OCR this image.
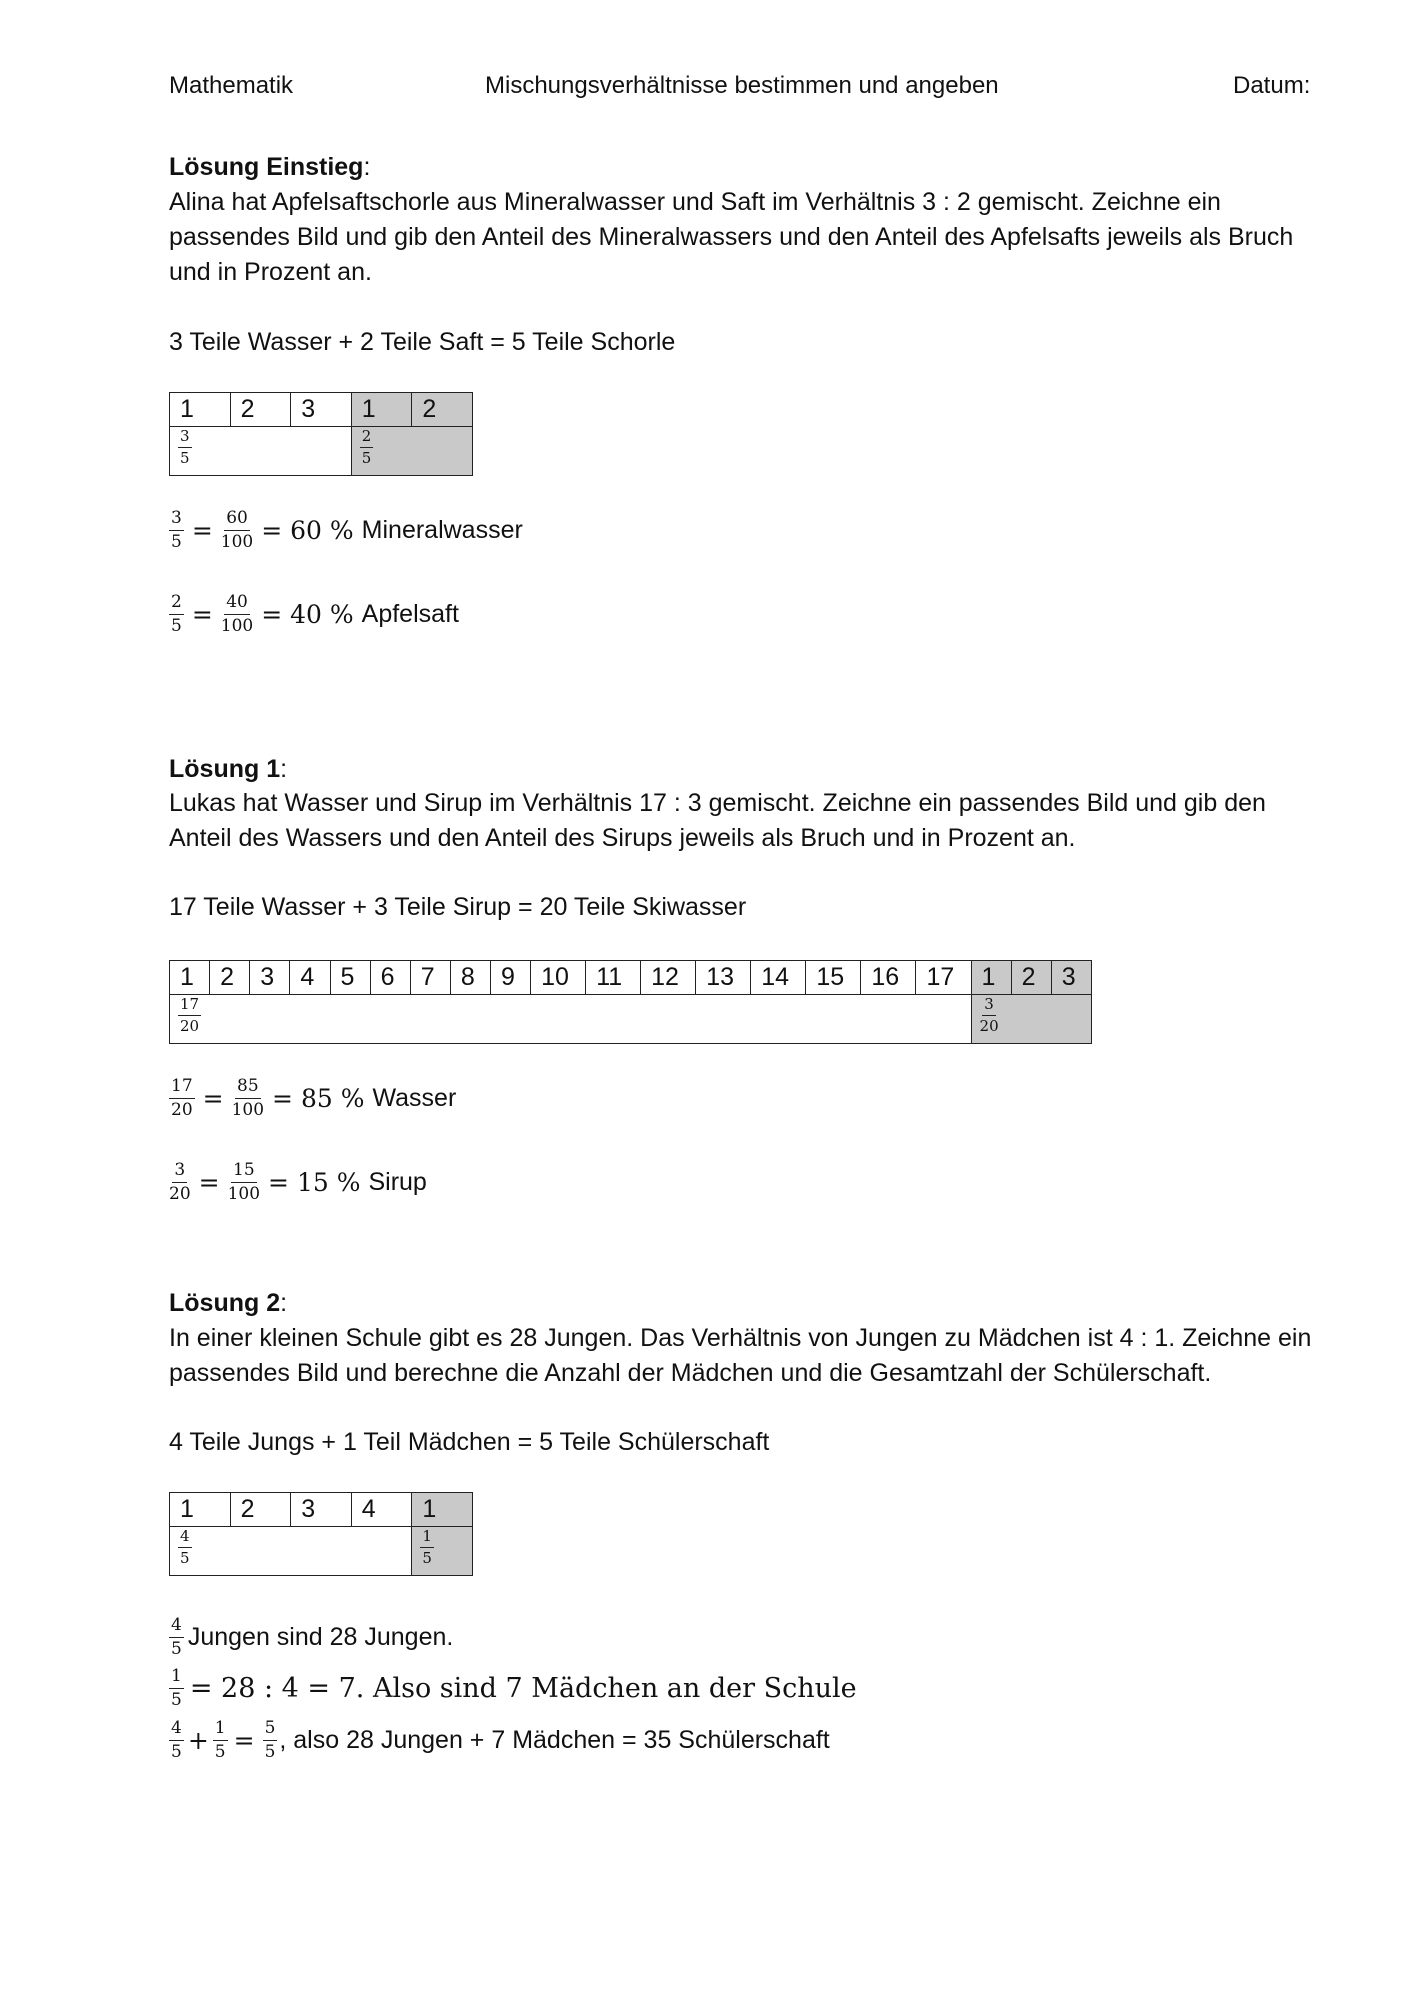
Mathematik	Mischungsverhältnisse bestimmen und angeben	Datum:
Lösung Einstieg:
Alina hat Apfelsaftschorle aus Mineralwasser und Saft im Verhältnis 3 : 2 gemischt. Zeichne ein passendes Bild und gib den Anteil des Mineralwassers und den Anteil des Apfelsafts jeweils als Bruch und in Prozent an.
3 Teile Wasser + 2 Teile Saft = 5 Teile Schorle
1	2	3	1	2

$\frac{3}{5}$			$\frac{2}{5}$
$\frac{3}{5} = \frac{60}{100} = 60$ % Mineralwasser
$\frac{2}{5} = \frac{40}{100} = 40$ % Apfelsaft
Lösung 1:
Lukas hat Wasser und Sirup im Verhältnis 17 : 3 gemischt. Zeichne ein passendes Bild und gib den Anteil des Wassers und den Anteil des Sirups jeweils als Bruch und in Prozent an.
17 Teile Wasser + 3 Teile Sirup = 20 Teile Skiwasser
1	2	3	4	5	6	7	8	9	10	11	12	13	14	15	16	17	1	2	3

$\frac{17}{20}$																	$\frac{3}{20}$
$\frac{17}{20} = \frac{85}{100} = 85$ % Wasser
$\frac{3}{20} = \frac{15}{100} = 15$ % Sirup
Lösung 2:
In einer kleinen Schule gibt es 28 Jungen. Das Verhältnis von Jungen zu Mädchen ist 4 : 1. Zeichne ein passendes Bild und berechne die Anzahl der Mädchen und die Gesamtzahl der Schülerschaft.
4 Teile Jungs + 1 Teil Mädchen = 5 Teile Schülerschaft
1	2	3	4	1

$\frac{4}{5}$				$\frac{1}{5}$
$\frac{4}{5}$ Jungen sind 28 Jungen.
$\frac{1}{5} = 28$ : 4 = 7. Also sind 7 Mädchen an der Schule
$\frac{4}{5} + \frac{1}{5} = \frac{5}{5}$ , also 28 Jungen + 7 Mädchen = 35 Schülerschaft
